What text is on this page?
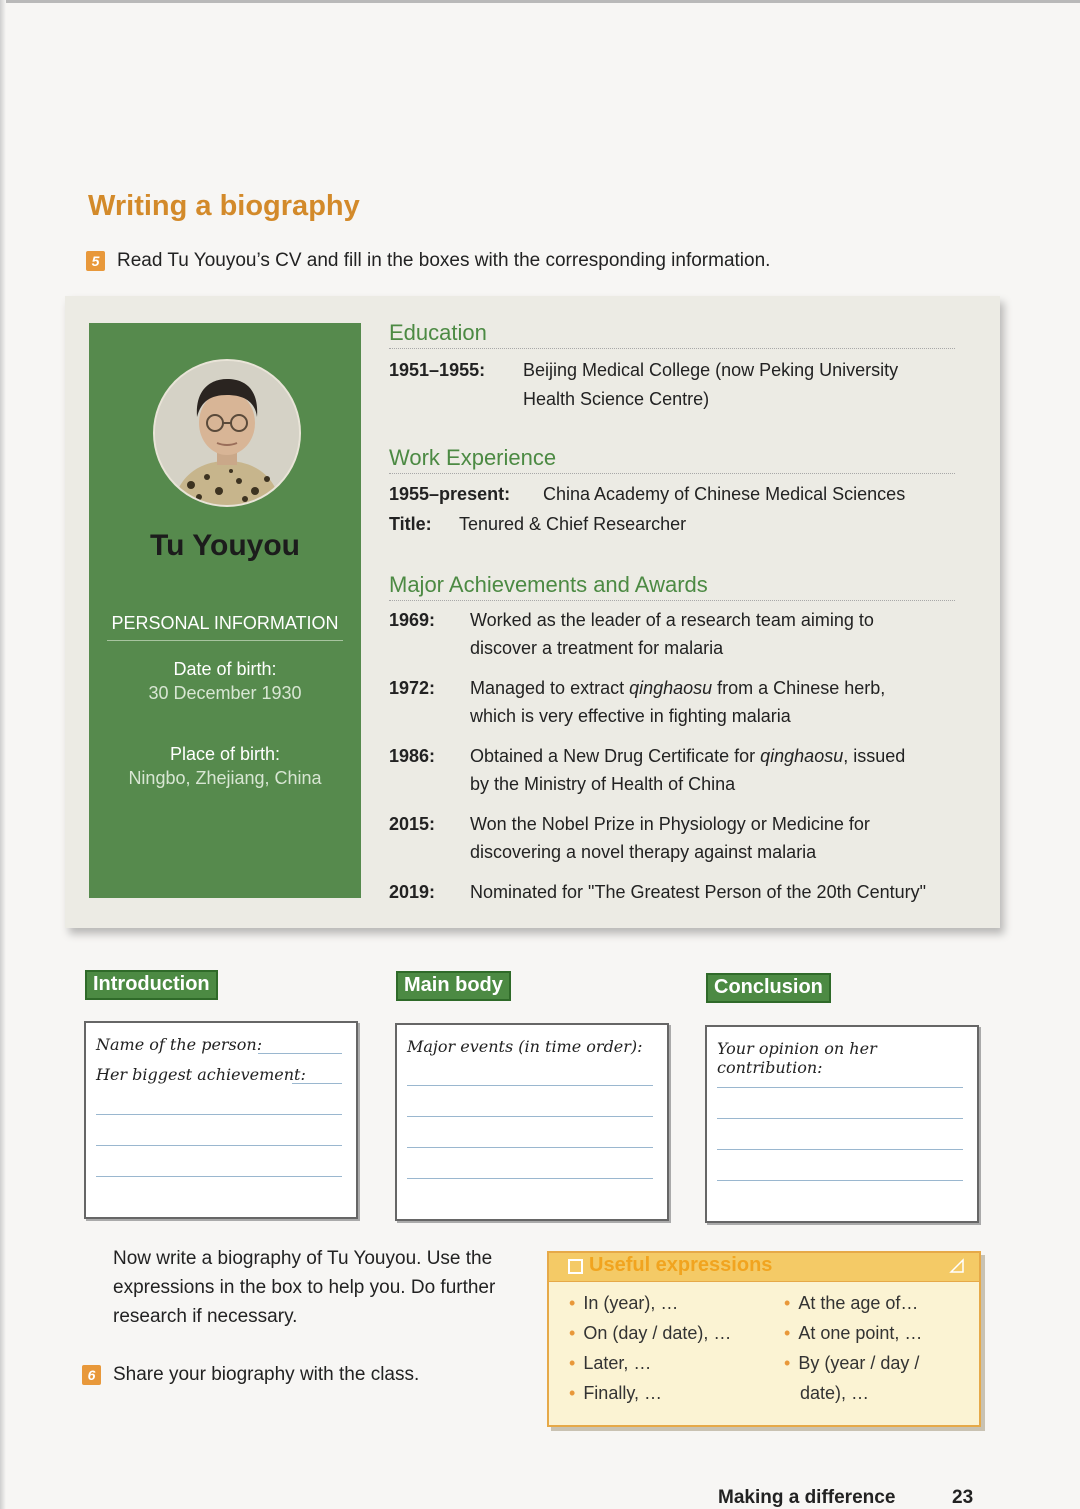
Writing a biography
5 Read Tu Youyou’s CV and fill in the boxes with the corresponding information.
Tu Youyou
PERSONAL INFORMATION
Date of birth:
30 December 1930
Place of birth:
Ningbo, Zhejiang, China
Education
1951–1955: Beijing Medical College (now Peking University
Health Science Centre)
Work Experience
1955–present: China Academy of Chinese Medical Sciences
Title: Tenured & Chief Researcher
Major Achievements and Awards
1969: Worked as the leader of a research team aiming to
discover a treatment for malaria
1972: Managed to extract qinghaosu from a Chinese herb,
which is very effective in fighting malaria
1986: Obtained a New Drug Certificate for qinghaosu, issued
by the Ministry of Health of China
2015: Won the Nobel Prize in Physiology or Medicine for
discovering a novel therapy against malaria
2019: Nominated for "The Greatest Person of the 20th Century"
Introduction	Main body	Conclusion
Name of the person:
Her biggest achievement:
Major events (in time order):	Your opinion on her contribution:

Now write a biography of Tu Youyou. Use the expressions in the box to help you. Do further research if necessary.

6 Share your biography with the class.
Useful expressions
• In (year), …
• On (day / date), …
• Later, …
• Finally, …
• At the age of…
• At one point, …
• By (year / day /
date), …
Making a difference	23
